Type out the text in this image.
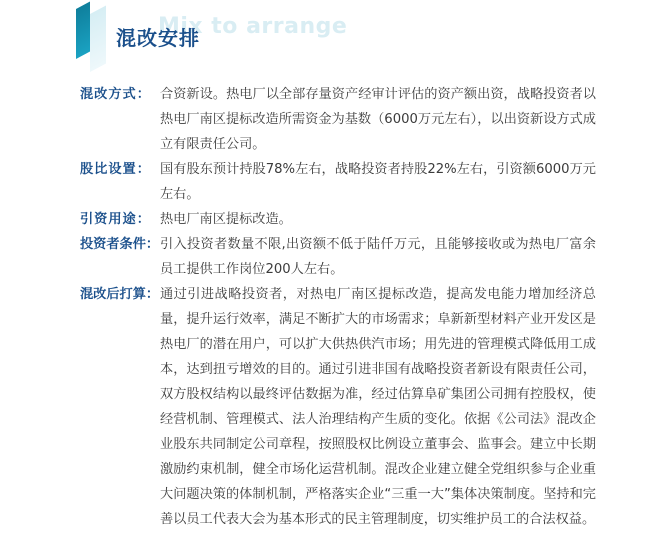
Mix to arrange
混改安排
混改方式： 合资新设。热电厂以全部存量资产经审计评估的资产额出资，战略投资者以热电厂南区提标改造所需资金为基数（6000万元左右），以出资新设方式成立有限责任公司。
股比设置： 国有股东预计持股78%左右，战略投资者持股22%左右，引资额6000万元左右。
引资用途： 热电厂南区提标改造。
投资者条件： 引入投资者数量不限,出资额不低于陆仟万元，且能够接收或为热电厂富余员工提供工作岗位200人左右。
混改后打算： 通过引进战略投资者，对热电厂南区提标改造，提高发电能力增加经济总量，提升运行效率，满足不断扩大的市场需求；阜新新型材料产业开发区是热电厂的潜在用户，可以扩大供热供汽市场；用先进的管理模式降低用工成本，达到扭亏增效的目的。通过引进非国有战略投资者新设有限责任公司，双方股权结构以最终评估数据为准，经过估算阜矿集团公司拥有控股权，使经营机制、管理模式、法人治理结构产生质的变化。依据《公司法》混改企业股东共同制定公司章程，按照股权比例设立董事会、监事会。建立中长期激励约束机制，健全市场化运营机制。混改企业建立健全党组织参与企业重大问题决策的体制机制，严格落实企业“三重一大”集体决策制度。坚持和完善以员工代表大会为基本形式的民主管理制度，切实维护员工的合法权益。
